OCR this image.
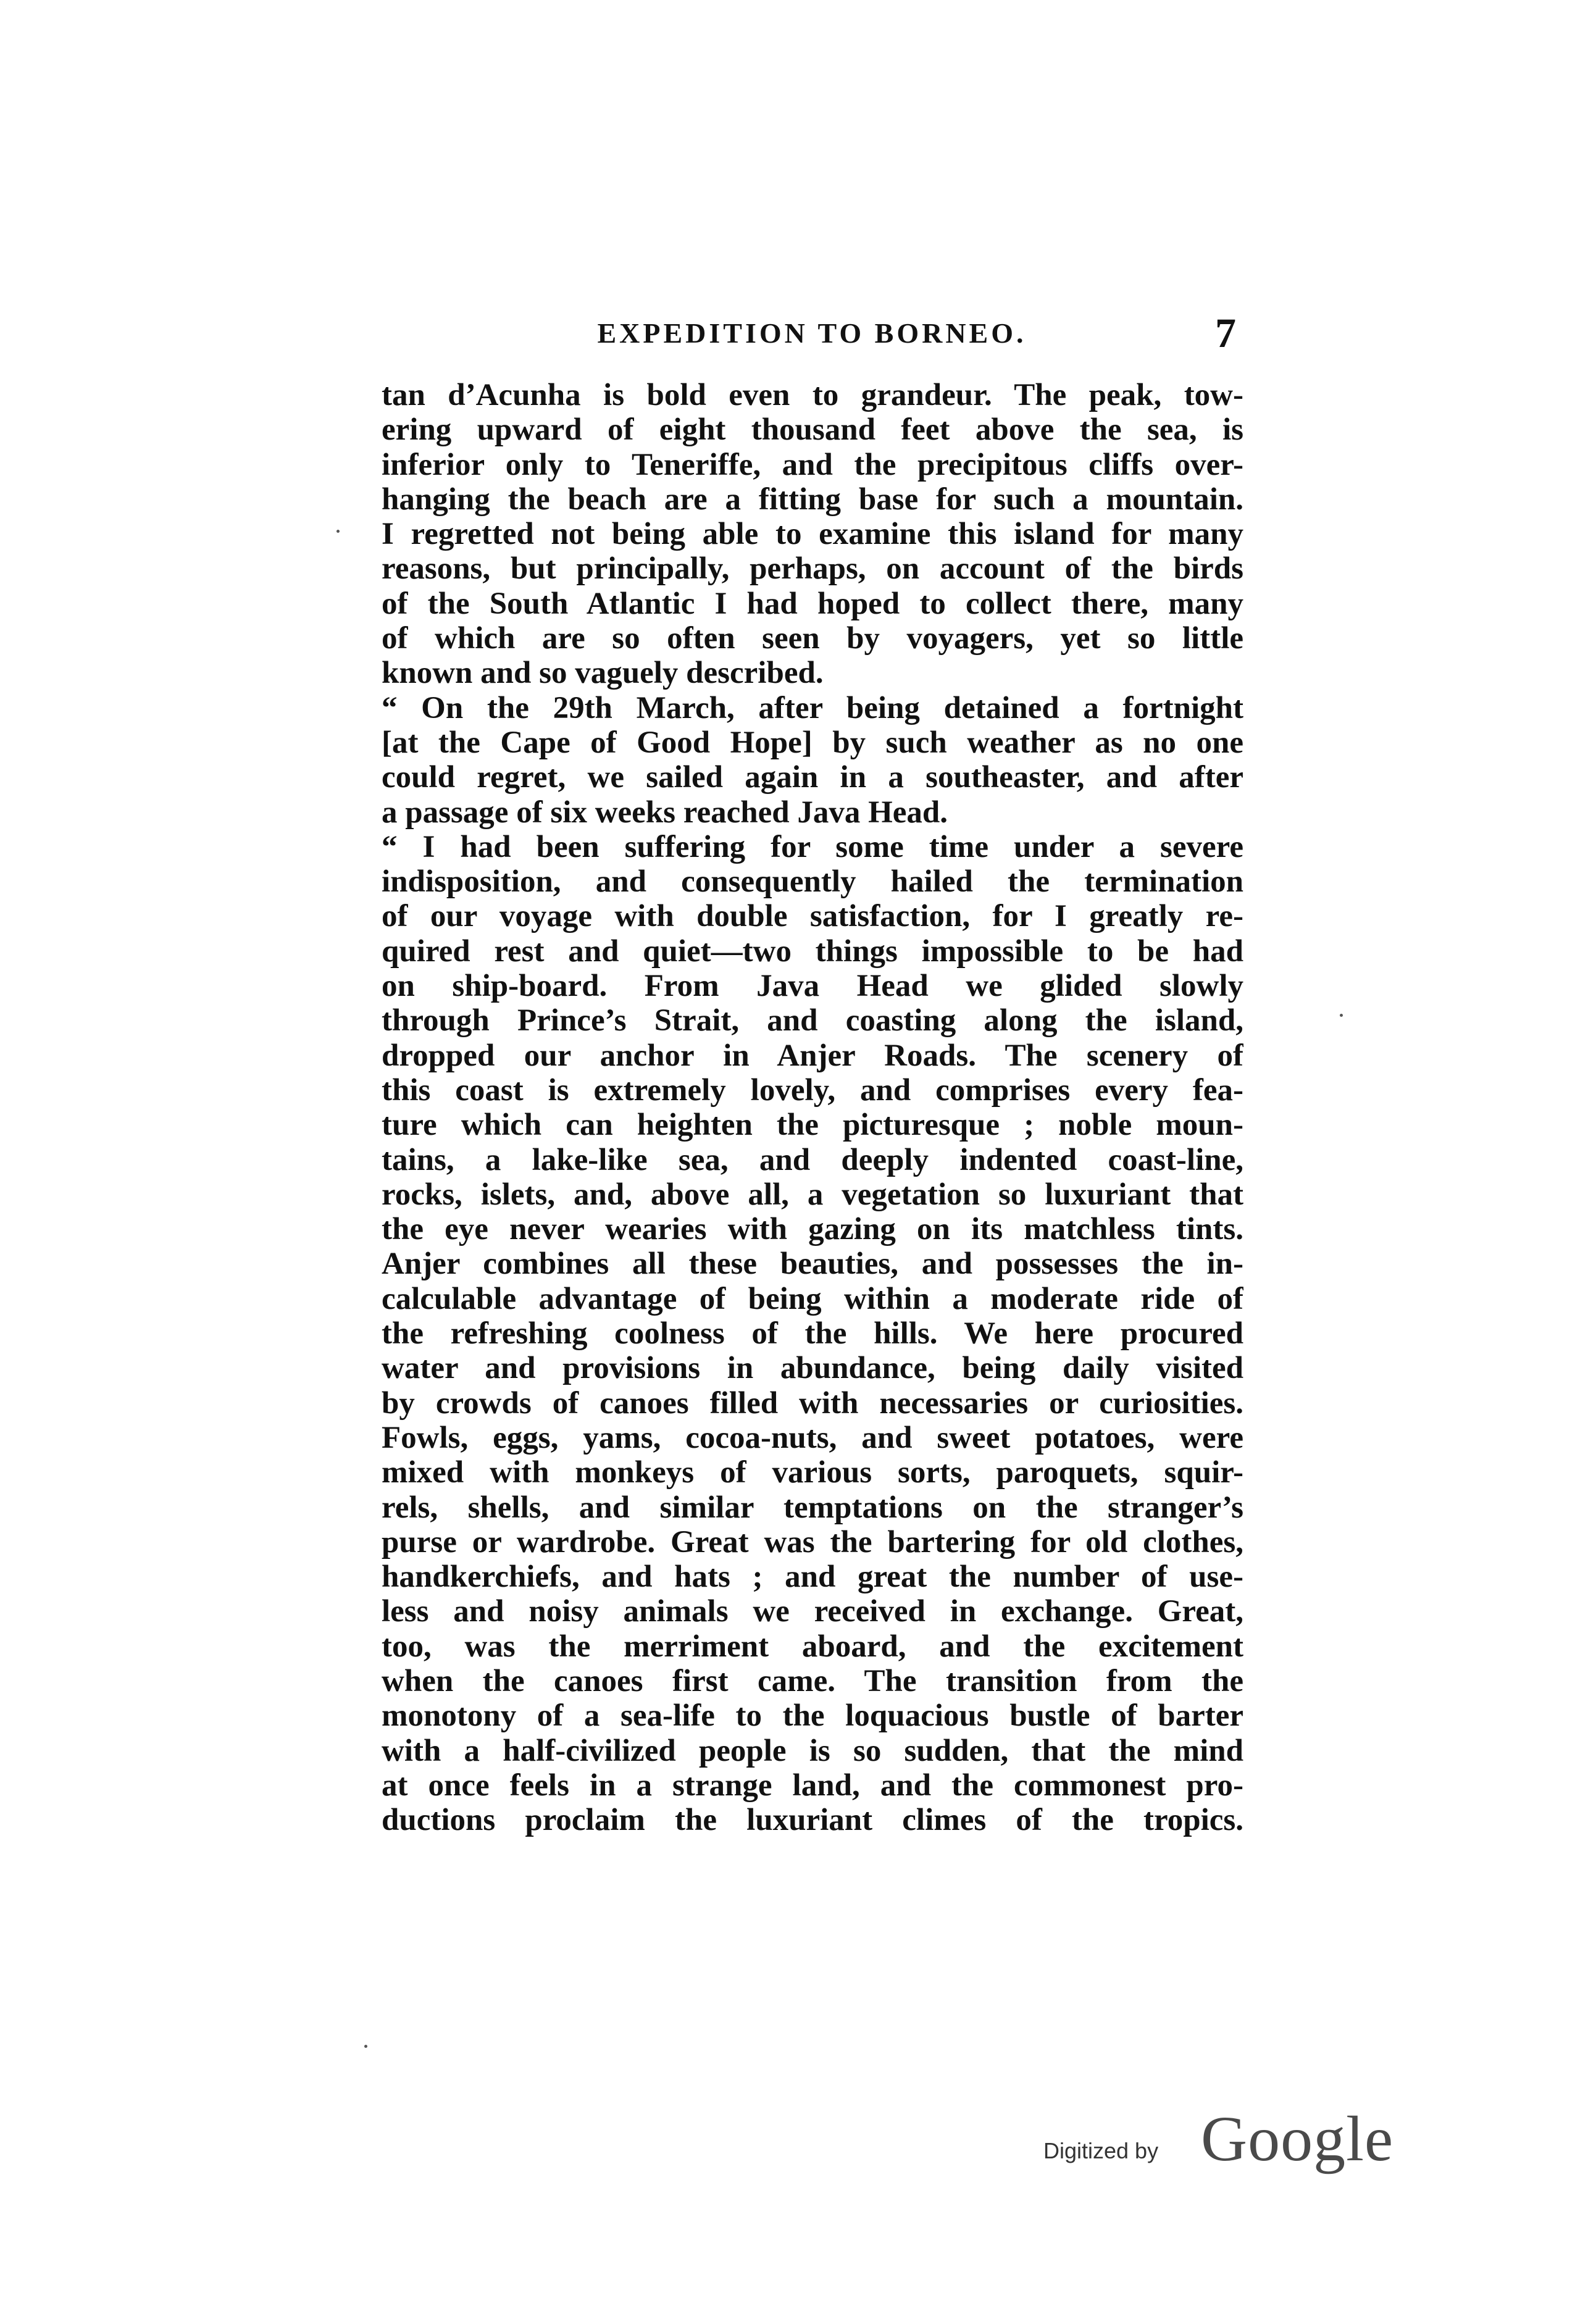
EXPEDITION TO BORNEO.	7
tan d’Acunha is bold even to grandeur. The peak, tow-
ering upward of eight thousand feet above the sea, is
inferior only to Teneriffe, and the precipitous cliffs over-
hanging the beach are a fitting base for such a mountain.
I regretted not being able to examine this island for many
reasons, but principally, perhaps, on account of the birds
of the South Atlantic I had hoped to collect there, many
of which are so often seen by voyagers, yet so little
known and so vaguely described.
“ On the 29th March, after being detained a fortnight
[at the Cape of Good Hope] by such weather as no one
could regret, we sailed again in a southeaster, and after
a passage of six weeks reached Java Head.
“ I had been suffering for some time under a severe
indisposition, and consequently hailed the termination
of our voyage with double satisfaction, for I greatly re-
quired rest and quiet—two things impossible to be had
on ship-board. From Java Head we glided slowly
through Prince’s Strait, and coasting along the island,
dropped our anchor in Anjer Roads. The scenery of
this coast is extremely lovely, and comprises every fea-
ture which can heighten the picturesque ; noble moun-
tains, a lake-like sea, and deeply indented coast-line,
rocks, islets, and, above all, a vegetation so luxuriant that
the eye never wearies with gazing on its matchless tints.
Anjer combines all these beauties, and possesses the in-
calculable advantage of being within a moderate ride of
the refreshing coolness of the hills. We here procured
water and provisions in abundance, being daily visited
by crowds of canoes filled with necessaries or curiosities.
Fowls, eggs, yams, cocoa-nuts, and sweet potatoes, were
mixed with monkeys of various sorts, paroquets, squir-
rels, shells, and similar temptations on the stranger’s
purse or wardrobe. Great was the bartering for old clothes,
handkerchiefs, and hats ; and great the number of use-
less and noisy animals we received in exchange. Great,
too, was the merriment aboard, and the excitement
when the canoes first came. The transition from the
monotony of a sea-life to the loquacious bustle of barter
with a half-civilized people is so sudden, that the mind
at once feels in a strange land, and the commonest pro-
ductions proclaim the luxuriant climes of the tropics.
Digitized by Google
